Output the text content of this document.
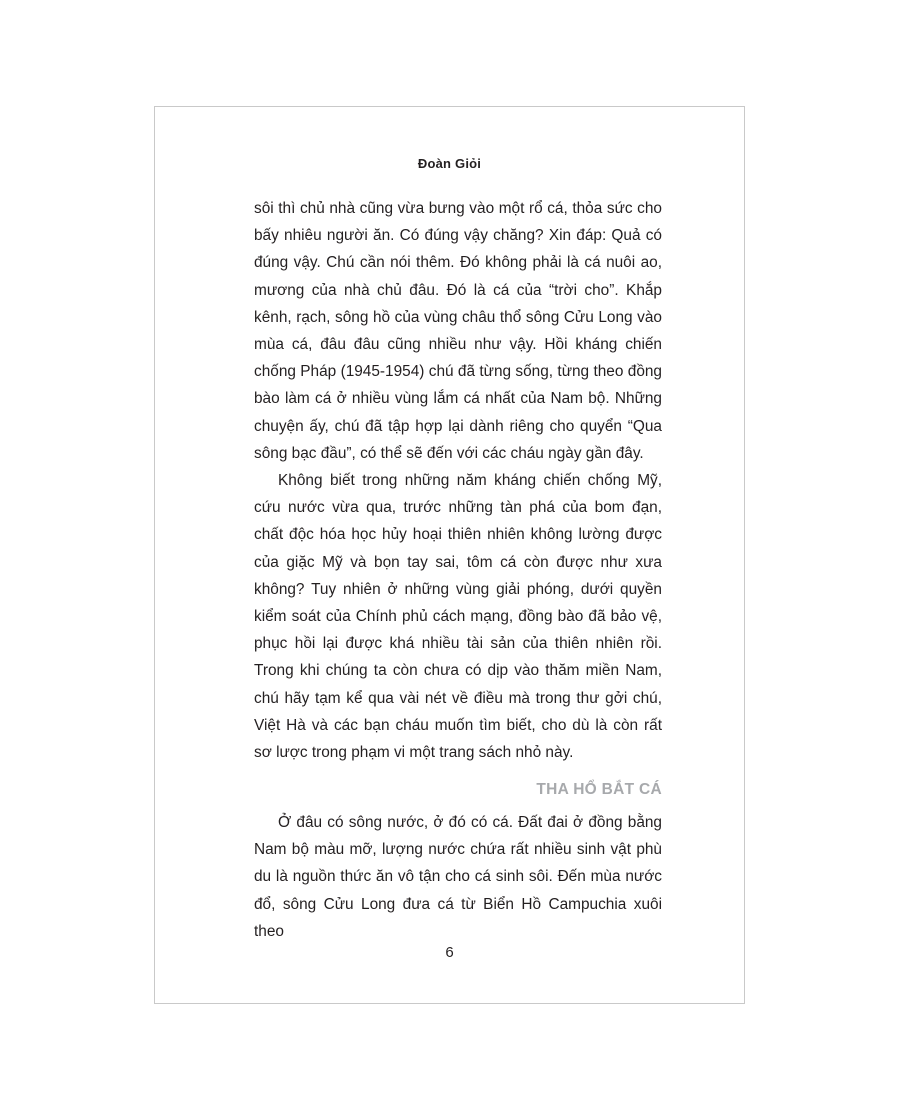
Đoàn Giỏi

sôi thì chủ nhà cũng vừa bưng vào một rổ cá, thỏa sức cho bấy nhiêu người ăn. Có đúng vậy chăng? Xin đáp: Quả có đúng vậy. Chú cần nói thêm. Đó không phải là cá nuôi ao, mương của nhà chủ đâu. Đó là cá của “trời cho”. Khắp kênh, rạch, sông hồ của vùng châu thổ sông Cửu Long vào mùa cá, đâu đâu cũng nhiều như vậy. Hồi kháng chiến chống Pháp (1945-1954) chú đã từng sống, từng theo đồng bào làm cá ở nhiều vùng lắm cá nhất của Nam bộ. Những chuyện ấy, chú đã tập hợp lại dành riêng cho quyển “Qua sông bạc đầu”, có thể sẽ đến với các cháu ngày gần đây.

Không biết trong những năm kháng chiến chống Mỹ, cứu nước vừa qua, trước những tàn phá của bom đạn, chất độc hóa học hủy hoại thiên nhiên không lường được của giặc Mỹ và bọn tay sai, tôm cá còn được như xưa không? Tuy nhiên ở những vùng giải phóng, dưới quyền kiểm soát của Chính phủ cách mạng, đồng bào đã bảo vệ, phục hồi lại được khá nhiều tài sản của thiên nhiên rồi. Trong khi chúng ta còn chưa có dịp vào thăm miền Nam, chú hãy tạm kể qua vài nét về điều mà trong thư gởi chú, Việt Hà và các bạn cháu muốn tìm biết, cho dù là còn rất sơ lược trong phạm vi một trang sách nhỏ này.

THA HỔ BẮT CÁ

Ở đâu có sông nước, ở đó có cá. Đất đai ở đồng bằng Nam bộ màu mỡ, lượng nước chứa rất nhiều sinh vật phù du là nguồn thức ăn vô tận cho cá sinh sôi. Đến mùa nước đổ, sông Cửu Long đưa cá từ Biển Hồ Campuchia xuôi theo

6
